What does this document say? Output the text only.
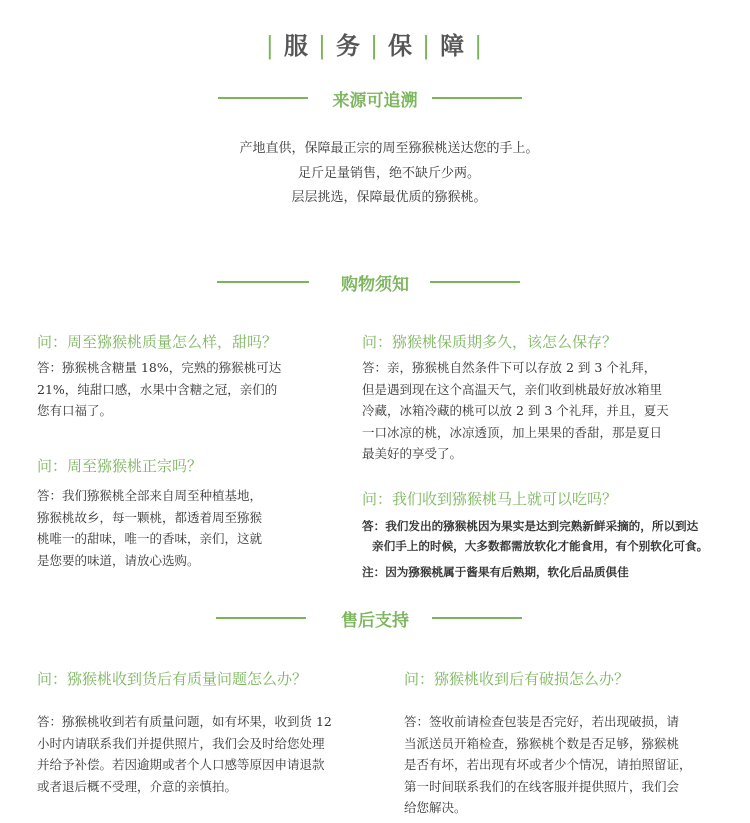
| 服 | 务 | 保 | 障 |
来源可追溯
产地直供，保障最正宗的周至猕猴桃送达您的手上。
足斤足量销售，绝不缺斤少两。
层层挑选，保障最优质的猕猴桃。
购物须知
问：周至猕猴桃质量怎么样，甜吗？
答：猕猴桃含糖量 18%，完熟的猕猴桃可达
21%，纯甜口感，水果中含糖之冠，亲们的
您有口福了。
问：周至猕猴桃正宗吗？
答：我们猕猴桃全部来自周至种植基地，
猕猴桃故乡，每一颗桃，都透着周至猕猴
桃唯一的甜味，唯一的香味，亲们，这就
是您要的味道，请放心选购。
问：猕猴桃保质期多久，该怎么保存？
答：亲，猕猴桃自然条件下可以存放 2 到 3 个礼拜，
但是遇到现在这个高温天气，亲们收到桃最好放冰箱里
冷藏，冰箱冷藏的桃可以放 2 到 3 个礼拜，并且，夏天
一口冰凉的桃，冰凉透顶，加上果果的香甜，那是夏日
最美好的享受了。
问：我们收到猕猴桃马上就可以吃吗？
答：我们发出的猕猴桃因为果实是达到完熟新鲜采摘的，所以到达
亲们手上的时候，大多数都需放软化才能食用，有个别软化可食。
注：因为猕猴桃属于酱果有后熟期，软化后品质俱佳
售后支持
问：猕猴桃收到货后有质量问题怎么办？
答：猕猴桃收到若有质量问题，如有坏果，收到货 12
小时内请联系我们并提供照片，我们会及时给您处理
并给予补偿。若因逾期或者个人口感等原因申请退款
或者退后概不受理，介意的亲慎拍。
问：猕猴桃收到后有破损怎么办？
答：签收前请检查包装是否完好，若出现破损，请
当派送员开箱检查，猕猴桃个数是否足够，猕猴桃
是否有坏，若出现有坏或者少个情况，请拍照留证，
第一时间联系我们的在线客服并提供照片，我们会
给您解决。
